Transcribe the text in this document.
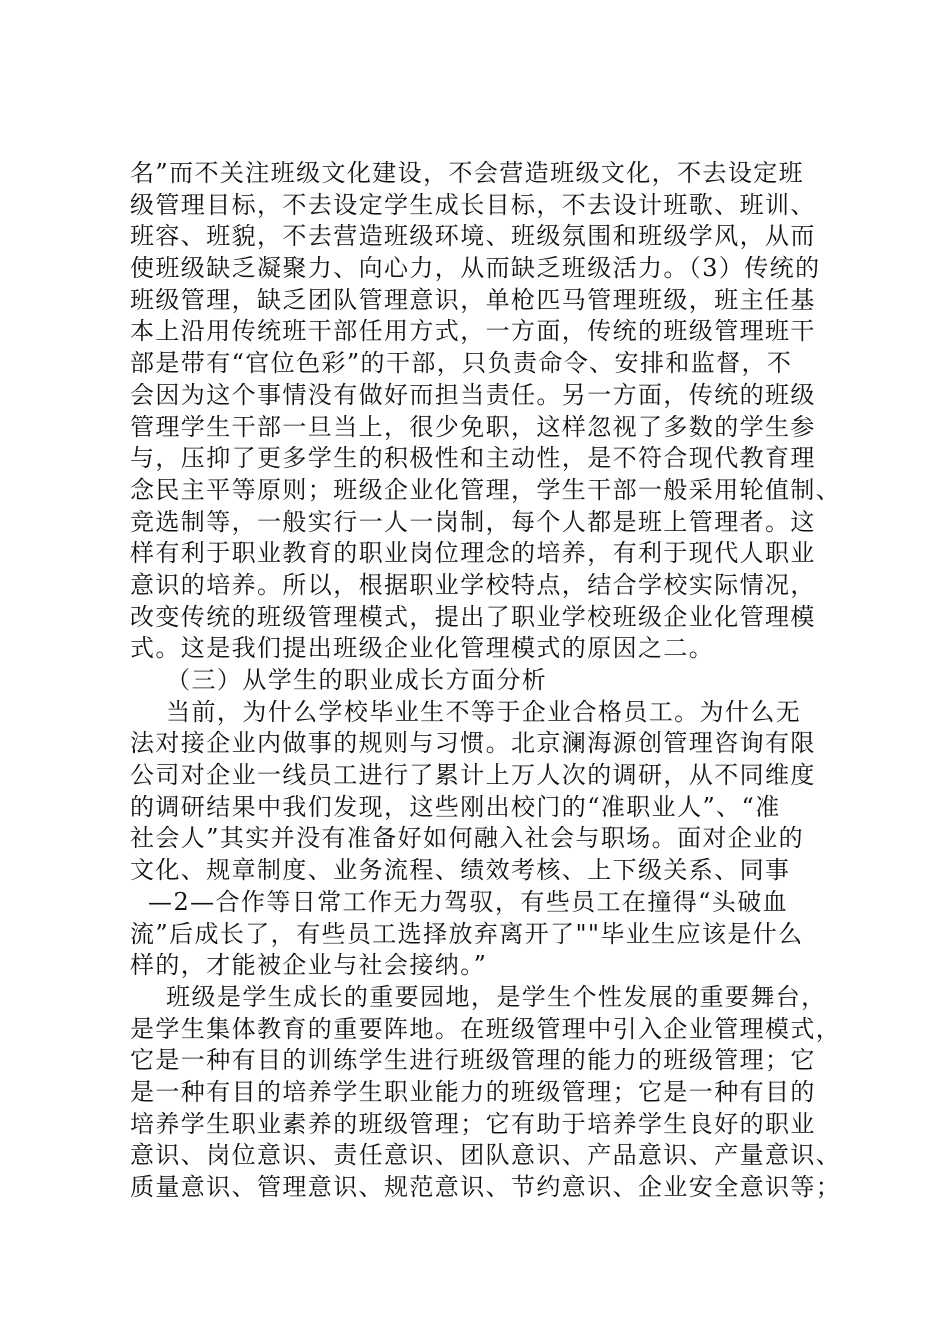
名”而不关注班级文化建设，不会营造班级文化，不去设定班
级管理目标，不去设定学生成长目标，不去设计班歌、班训、
班容、班貌，不去营造班级环境、班级氛围和班级学风，从而
使班级缺乏凝聚力、向心力，从而缺乏班级活力。（3）传统的
班级管理，缺乏团队管理意识，单枪匹马管理班级，班主任基
本上沿用传统班干部任用方式，一方面，传统的班级管理班干
部是带有“官位色彩”的干部，只负责命令、安排和监督，不
会因为这个事情没有做好而担当责任。另一方面，传统的班级
管理学生干部一旦当上，很少免职，这样忽视了多数的学生参
与，压抑了更多学生的积极性和主动性，是不符合现代教育理
念民主平等原则；班级企业化管理，学生干部一般采用轮值制、
竞选制等，一般实行一人一岗制，每个人都是班上管理者。这
样有利于职业教育的职业岗位理念的培养，有利于现代人职业
意识的培养。所以，根据职业学校特点，结合学校实际情况，
改变传统的班级管理模式，提出了职业学校班级企业化管理模
式。这是我们提出班级企业化管理模式的原因之二。
（三）从学生的职业成长方面分析
当前，为什么学校毕业生不等于企业合格员工。为什么无
法对接企业内做事的规则与习惯。北京澜海源创管理咨询有限
公司对企业一线员工进行了累计上万人次的调研，从不同维度
的调研结果中我们发现，这些刚出校门的“准职业人”、“准
社会人”其实并没有准备好如何融入社会与职场。面对企业的
文化、规章制度、业务流程、绩效考核、上下级关系、同事
—2—合作等日常工作无力驾驭，有些员工在撞得“头破血
流”后成长了，有些员工选择放弃离开了""毕业生应该是什么
样的，才能被企业与社会接纳。”
班级是学生成长的重要园地，是学生个性发展的重要舞台，
是学生集体教育的重要阵地。在班级管理中引入企业管理模式，
它是一种有目的训练学生进行班级管理的能力的班级管理；它
是一种有目的培养学生职业能力的班级管理；它是一种有目的
培养学生职业素养的班级管理；它有助于培养学生良好的职业
意识、岗位意识、责任意识、团队意识、产品意识、产量意识、
质量意识、管理意识、规范意识、节约意识、企业安全意识等；
